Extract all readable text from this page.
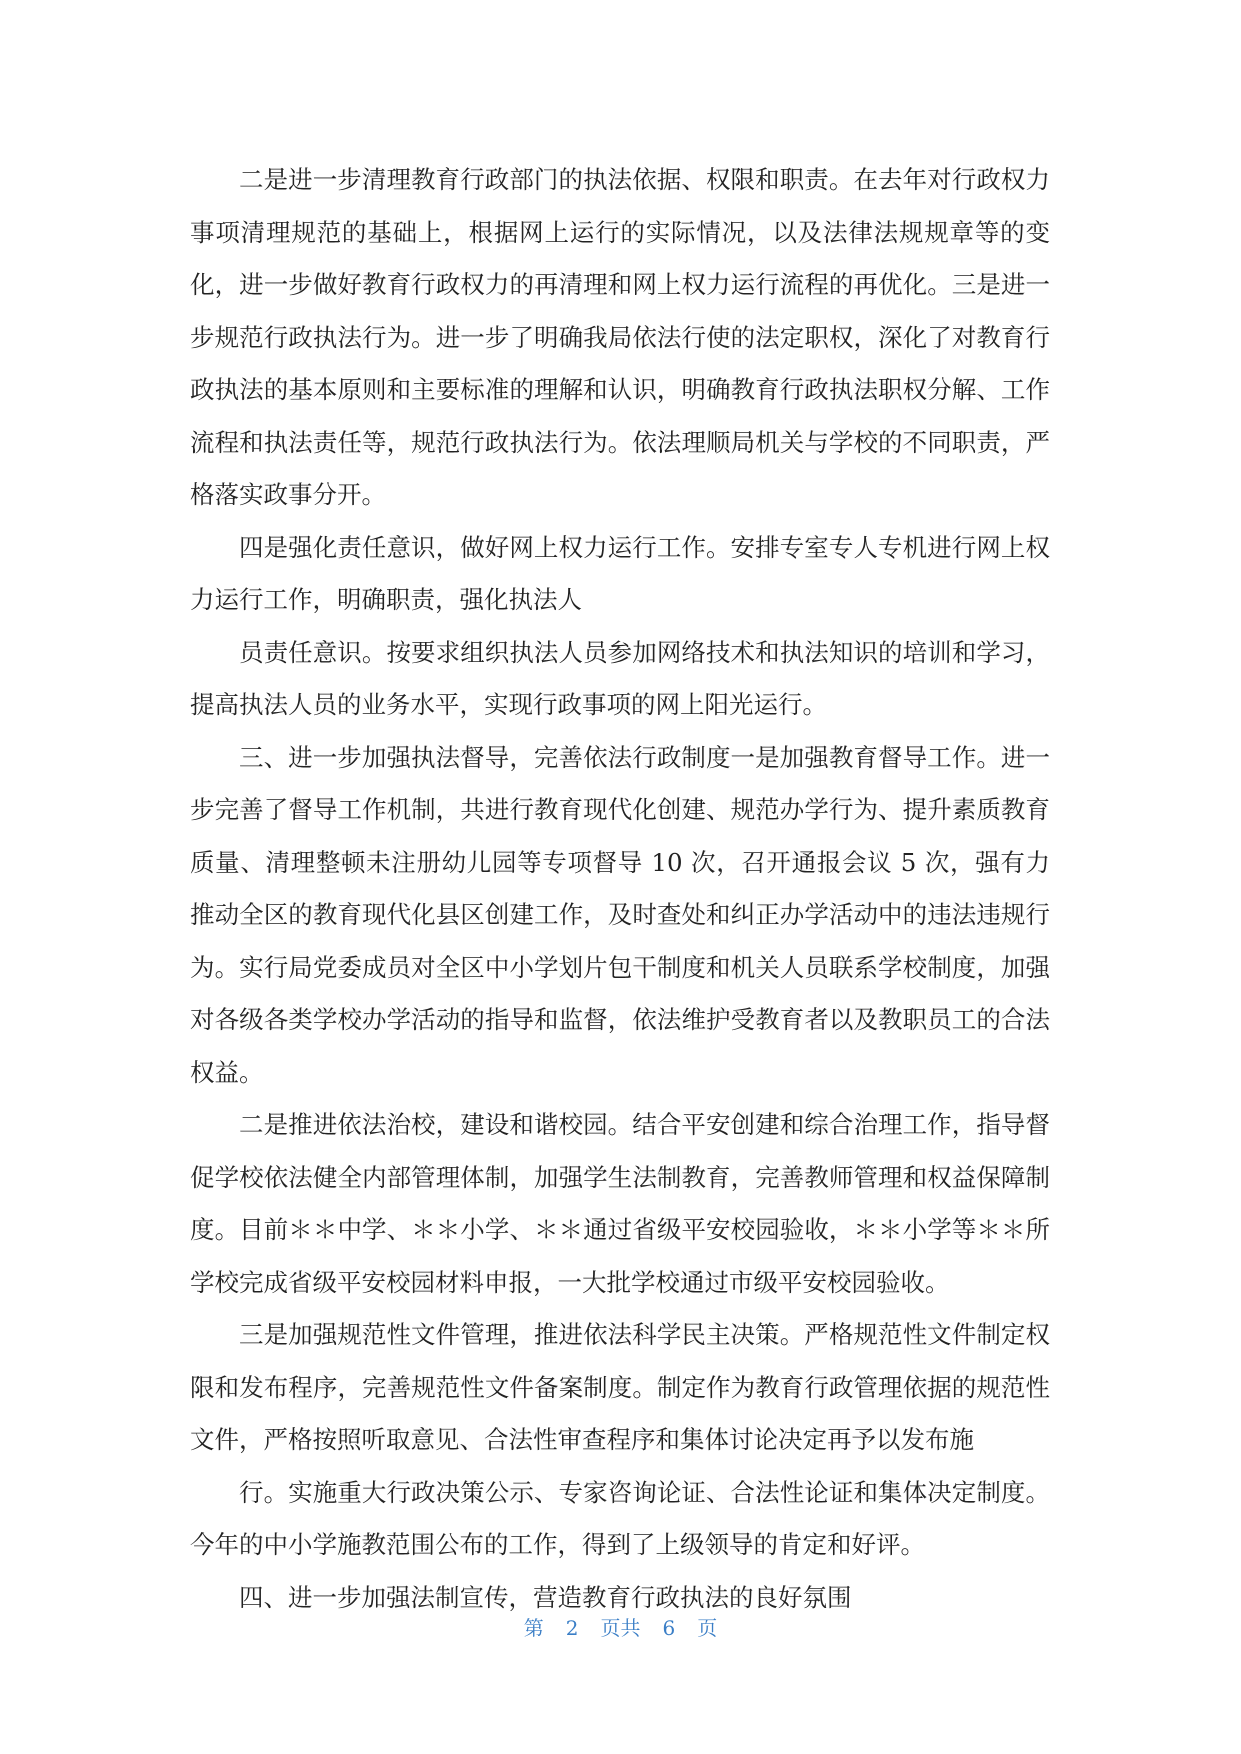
二是进一步清理教育行政部门的执法依据、权限和职责。在去年对行政权力事项清理规范的基础上，根据网上运行的实际情况，以及法律法规规章等的变化，进一步做好教育行政权力的再清理和网上权力运行流程的再优化。三是进一步规范行政执法行为。进一步了明确我局依法行使的法定职权，深化了对教育行政执法的基本原则和主要标准的理解和认识，明确教育行政执法职权分解、工作流程和执法责任等，规范行政执法行为。依法理顺局机关与学校的不同职责，严格落实政事分开。

四是强化责任意识，做好网上权力运行工作。安排专室专人专机进行网上权力运行工作，明确职责，强化执法人

员责任意识。按要求组织执法人员参加网络技术和执法知识的培训和学习，提高执法人员的业务水平，实现行政事项的网上阳光运行。

三、进一步加强执法督导，完善依法行政制度一是加强教育督导工作。进一步完善了督导工作机制，共进行教育现代化创建、规范办学行为、提升素质教育质量、清理整顿未注册幼儿园等专项督导 10 次，召开通报会议 5 次，强有力推动全区的教育现代化县区创建工作，及时查处和纠正办学活动中的违法违规行为。实行局党委成员对全区中小学划片包干制度和机关人员联系学校制度，加强对各级各类学校办学活动的指导和监督，依法维护受教育者以及教职员工的合法权益。

二是推进依法治校，建设和谐校园。结合平安创建和综合治理工作，指导督促学校依法健全内部管理体制，加强学生法制教育，完善教师管理和权益保障制度。目前＊＊中学、＊＊小学、＊＊通过省级平安校园验收，＊＊小学等＊＊所学校完成省级平安校园材料申报，一大批学校通过市级平安校园验收。

三是加强规范性文件管理，推进依法科学民主决策。严格规范性文件制定权限和发布程序，完善规范性文件备案制度。制定作为教育行政管理依据的规范性文件，严格按照听取意见、合法性审查程序和集体讨论决定再予以发布施

行。实施重大行政决策公示、专家咨询论证、合法性论证和集体决定制度。今年的中小学施教范围公布的工作，得到了上级领导的肯定和好评。

四、进一步加强法制宣传，营造教育行政执法的良好氛围

第 2 页共 6 页
